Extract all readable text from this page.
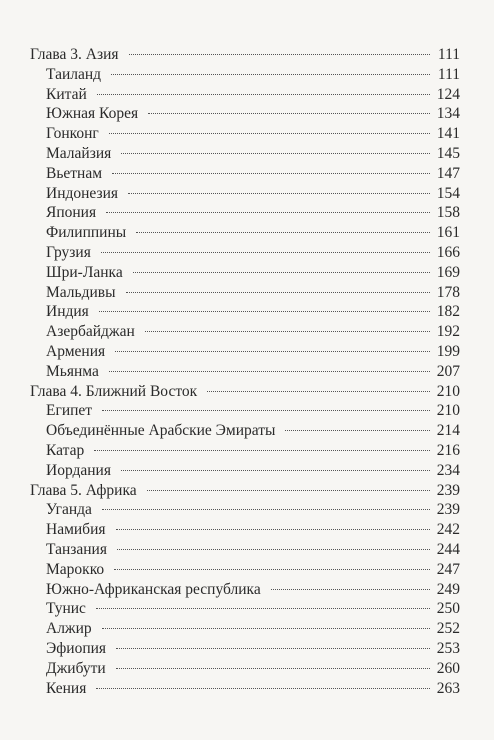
Глава 3. Азия	111
Таиланд	111
Китай	124
Южная Корея	134
Гонконг	141
Малайзия	145
Вьетнам	147
Индонезия	154
Япония	158
Филиппины	161
Грузия	166
Шри-Ланка	169
Мальдивы	178
Индия	182
Азербайджан	192
Армения	199
Мьянма	207
Глава 4. Ближний Восток	210
Египет	210
Объединённые Арабские Эмираты	214
Катар	216
Иордания	234
Глава 5. Африка	239
Уганда	239
Намибия	242
Танзания	244
Марокко	247
Южно-Африканская республика	249
Тунис	250
Алжир	252
Эфиопия	253
Джибути	260
Кения	263
